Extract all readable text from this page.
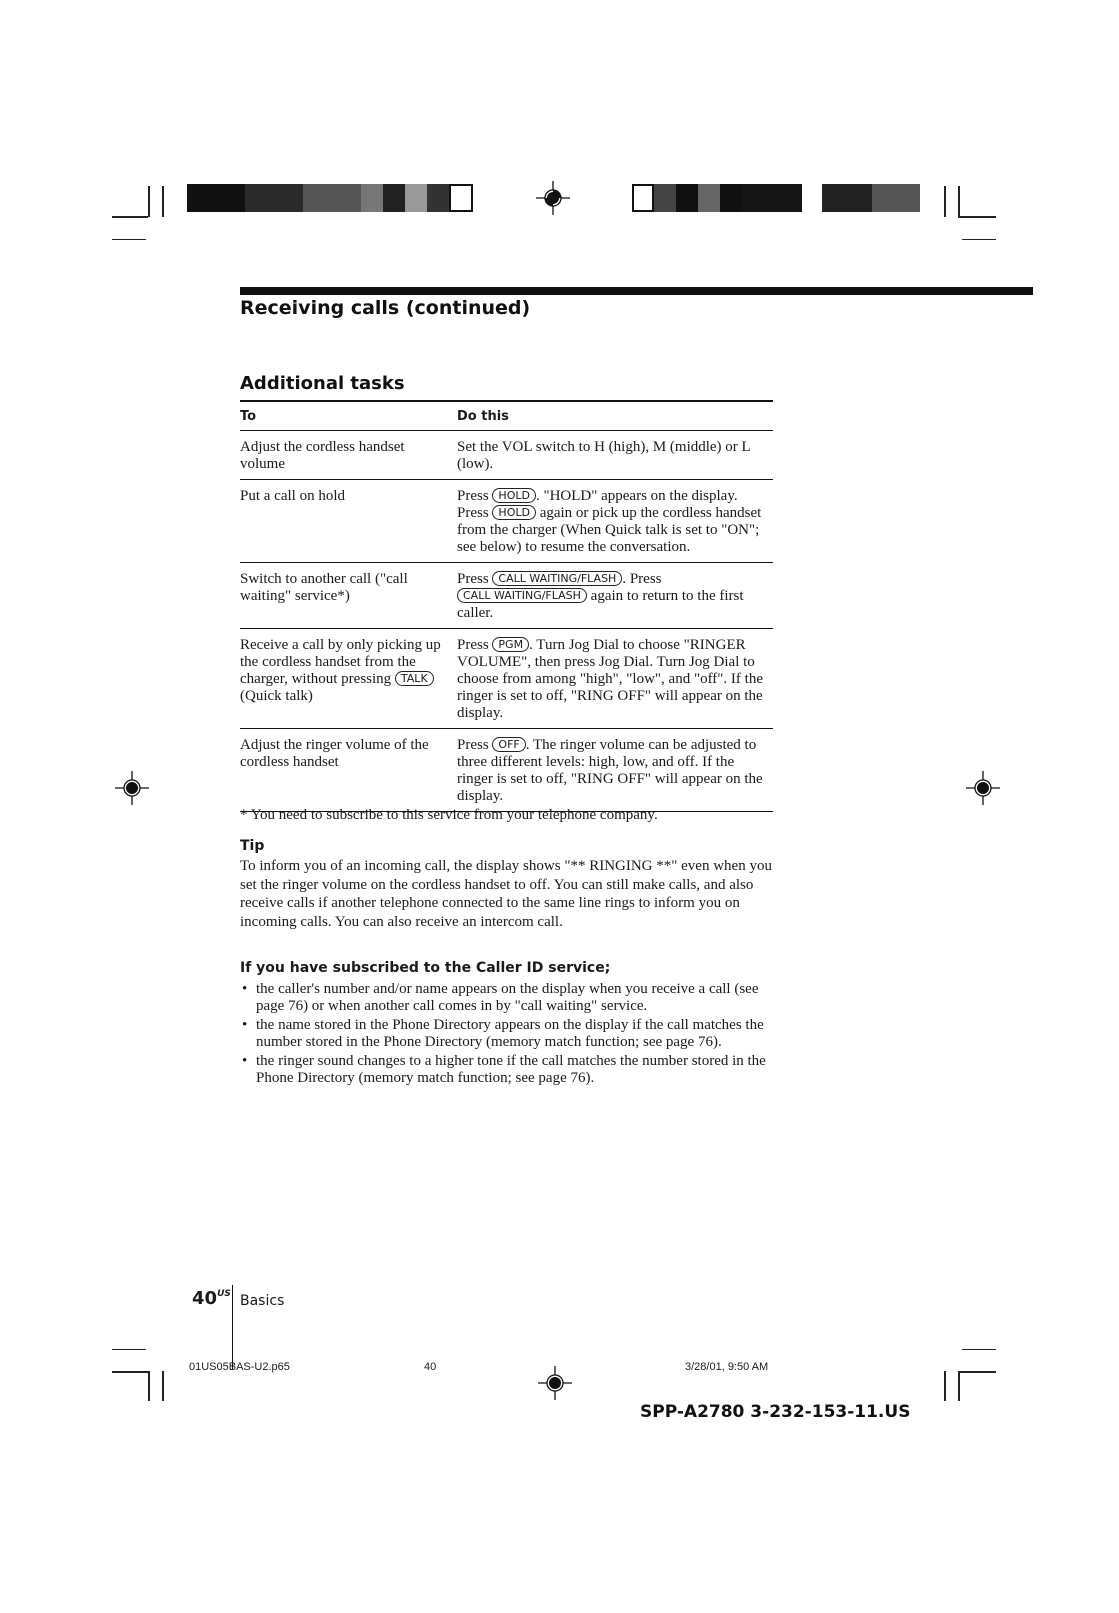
Receiving calls (continued)
Additional tasks
To	Do this
Adjust the cordless handset volume	Set the VOL switch to H (high), M (middle) or L (low).
Put a call on hold	Press HOLD . "HOLD" appears on the display. Press HOLD again or pick up the cordless handset from the charger (When Quick talk is set to "ON"; see below) to resume the conversation.
Switch to another call ("call waiting" service*)	Press CALL WAITING/FLASH . Press CALL WAITING/FLASH again to return to the first caller.
Receive a call by only picking up the cordless handset from the charger, without pressing TALK(Quick talk)	Press PGM . Turn Jog Dial to choose "RINGER VOLUME", then press Jog Dial. Turn Jog Dial to choose from among "high", "low", and "off". If the ringer is set to off, "RING OFF" will appear on the display.
Adjust the ringer volume of the cordless handset	Press OFF . The ringer volume can be adjusted to three different levels: high, low, and off. If the ringer is set to off, "RING OFF" will appear on the display.
* You need to subscribe to this service from your telephone company.
Tip

To inform you of an incoming call, the display shows "** RINGING **" even when you set the ringer volume on the cordless handset to off. You can still make calls, and also receive calls if another telephone connected to the same line rings to inform you on incoming calls. You can also receive an intercom call.

If you have subscribed to the Caller ID service;
• the caller's number and/or name appears on the display when you receive a call (see page 76) or when another call comes in by "call waiting" service.
• the name stored in the Phone Directory appears on the display if the call matches the number stored in the Phone Directory (memory match function; see page 76).
• the ringer sound changes to a higher tone if the call matches the number stored in the Phone Directory (memory match function; see page 76).
$40^{US}$ Basics
01US05BAS-U2.p65	40	3/28/01, 9:50 AM
SPP-A2780 3-232-153-11.US
